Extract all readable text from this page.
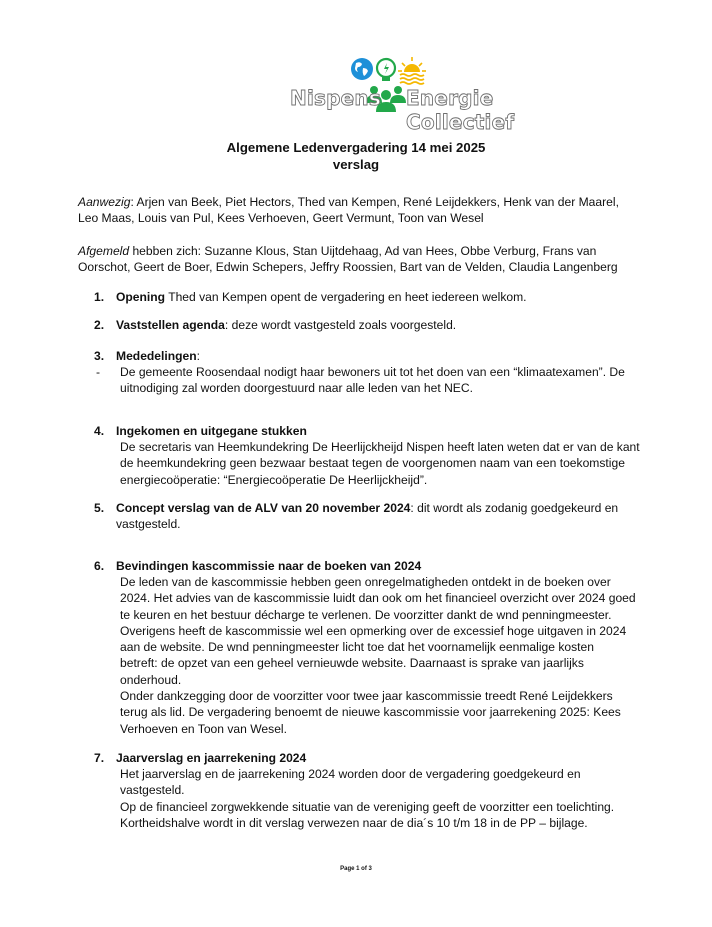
Nispens Energie Collectief
Algemene Ledenvergadering 14 mei 2025
verslag
Aanwezig: Arjen van Beek, Piet Hectors, Thed van Kempen, René Leijdekkers, Henk van der Maarel, Leo Maas, Louis van Pul, Kees Verhoeven, Geert Vermunt, Toon van Wesel
Afgemeld hebben zich: Suzanne Klous, Stan Uijtdehaag, Ad van Hees, Obbe Verburg, Frans van Oorschot, Geert de Boer, Edwin Schepers, Jeffry Roossien, Bart van de Velden, Claudia Langenberg
1. Opening Thed van Kempen opent de vergadering en heet iedereen welkom.
2. Vaststellen agenda: deze wordt vastgesteld zoals voorgesteld.
3. Mededelingen:
- De gemeente Roosendaal nodigt haar bewoners uit tot het doen van een “klimaatexamen”. De uitnodiging zal worden doorgestuurd naar alle leden van het NEC.
4. Ingekomen en uitgegane stukken
De secretaris van Heemkundekring De Heerlijckheijd Nispen heeft laten weten dat er van de kant de heemkundekring geen bezwaar bestaat tegen de voorgenomen naam van een toekomstige energiecoöperatie: “Energiecoöperatie De Heerlijckheijd”.
5. Concept verslag van de ALV van 20 november 2024: dit wordt als zodanig goedgekeurd en
vastgesteld.
6. Bevindingen kascommissie naar de boeken van 2024
De leden van de kascommissie hebben geen onregelmatigheden ontdekt in de boeken over
2024. Het advies van de kascommissie luidt dan ook om het financieel overzicht over 2024 goed
te keuren en het bestuur décharge te verlenen. De voorzitter dankt de wnd penningmeester.
Overigens heeft de kascommissie wel een opmerking over de excessief hoge uitgaven in 2024
aan de website. De wnd penningmeester licht toe dat het voornamelijk eenmalige kosten
betreft: de opzet van een geheel vernieuwde website. Daarnaast is sprake van jaarlijks
onderhoud.
Onder dankzegging door de voorzitter voor twee jaar kascommissie treedt René Leijdekkers
terug als lid. De vergadering benoemt de nieuwe kascommissie voor jaarrekening 2025: Kees
Verhoeven en Toon van Wesel.
7. Jaarverslag en jaarrekening 2024
Het jaarverslag en de jaarrekening 2024 worden door de vergadering goedgekeurd en
vastgesteld.
Op de financieel zorgwekkende situatie van de vereniging geeft de voorzitter een toelichting.
Kortheidshalve wordt in dit verslag verwezen naar de dia´s 10 t/m 18 in de PP – bijlage.
Page 1 of 3
